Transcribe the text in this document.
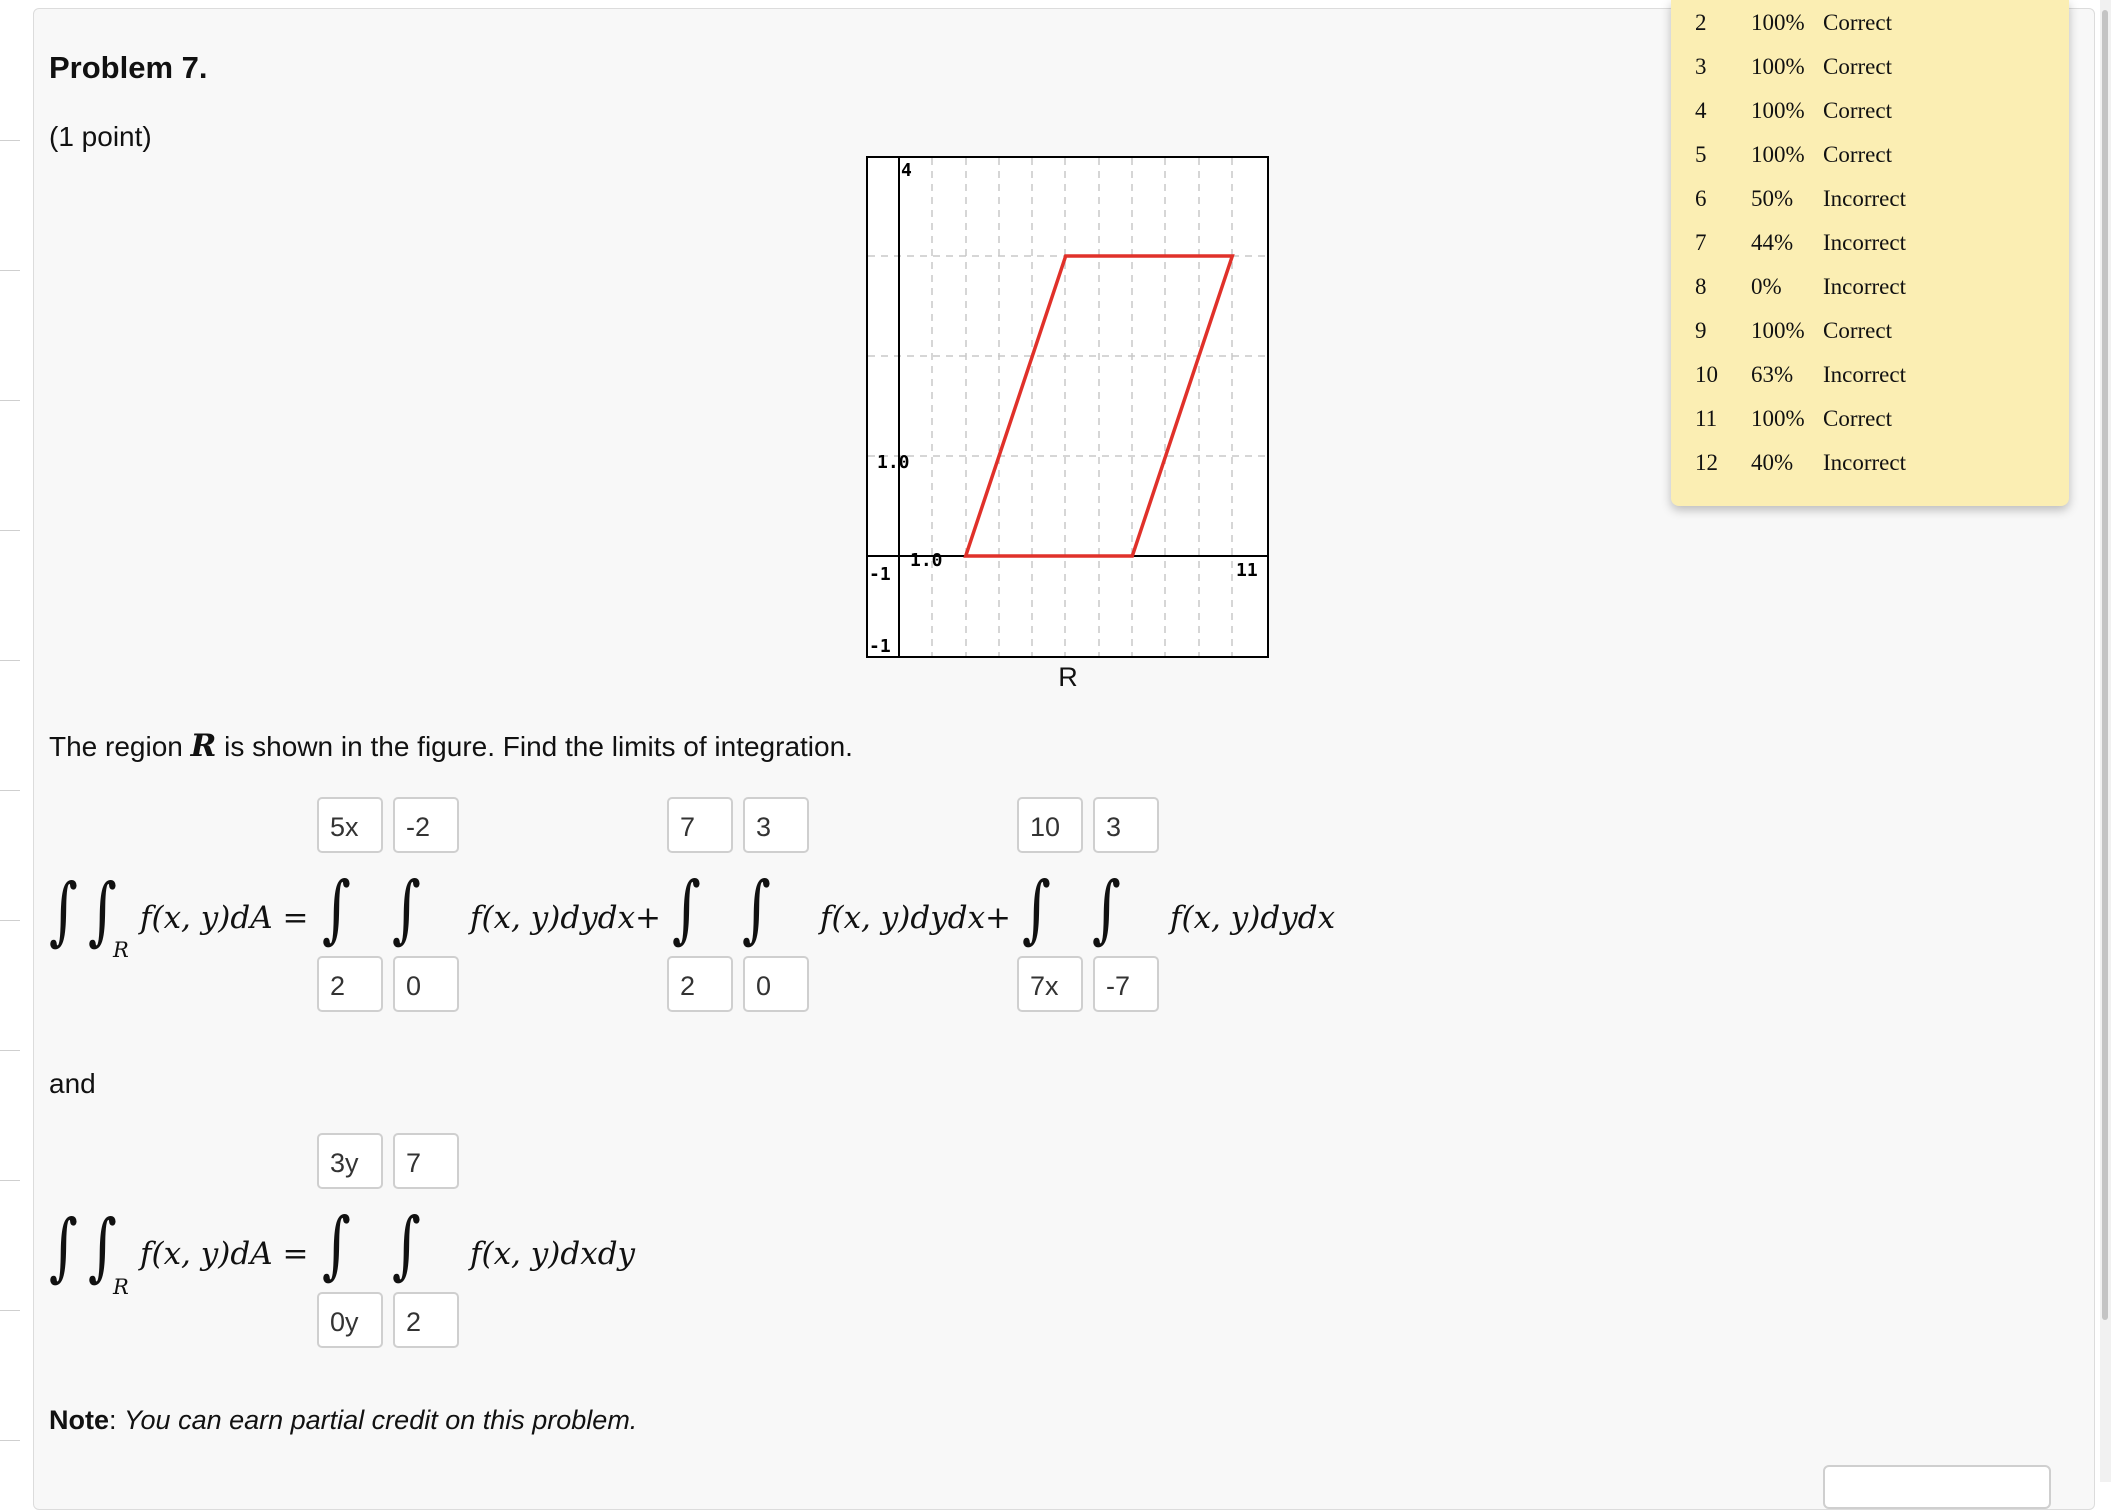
Problem 7.
(1 point)
4
1.0
1.0
-1	11
-1
R
The region R is shown in the figure. Find the limits of integration.
∫ ∫
R
f(x, y)dA =
5x	-2
∫ ∫
2	0
f(x, y)dydx+
7	3
∫ ∫
2	0
f(x, y)dydx+
10	3
∫ ∫
7x	-7
f(x, y)dydx
and
∫ ∫
R
f(x, y)dA =
3y	7
∫ ∫
0y	2
f(x, y)dxdy
Note: You can earn partial credit on this problem.
2 100% Correct
3 100% Correct
4 100% Correct
5 100% Correct
6 50% Incorrect
7 44% Incorrect
8 0% Incorrect
9 100% Correct
10 63% Incorrect
11 100% Correct
12 40% Incorrect
